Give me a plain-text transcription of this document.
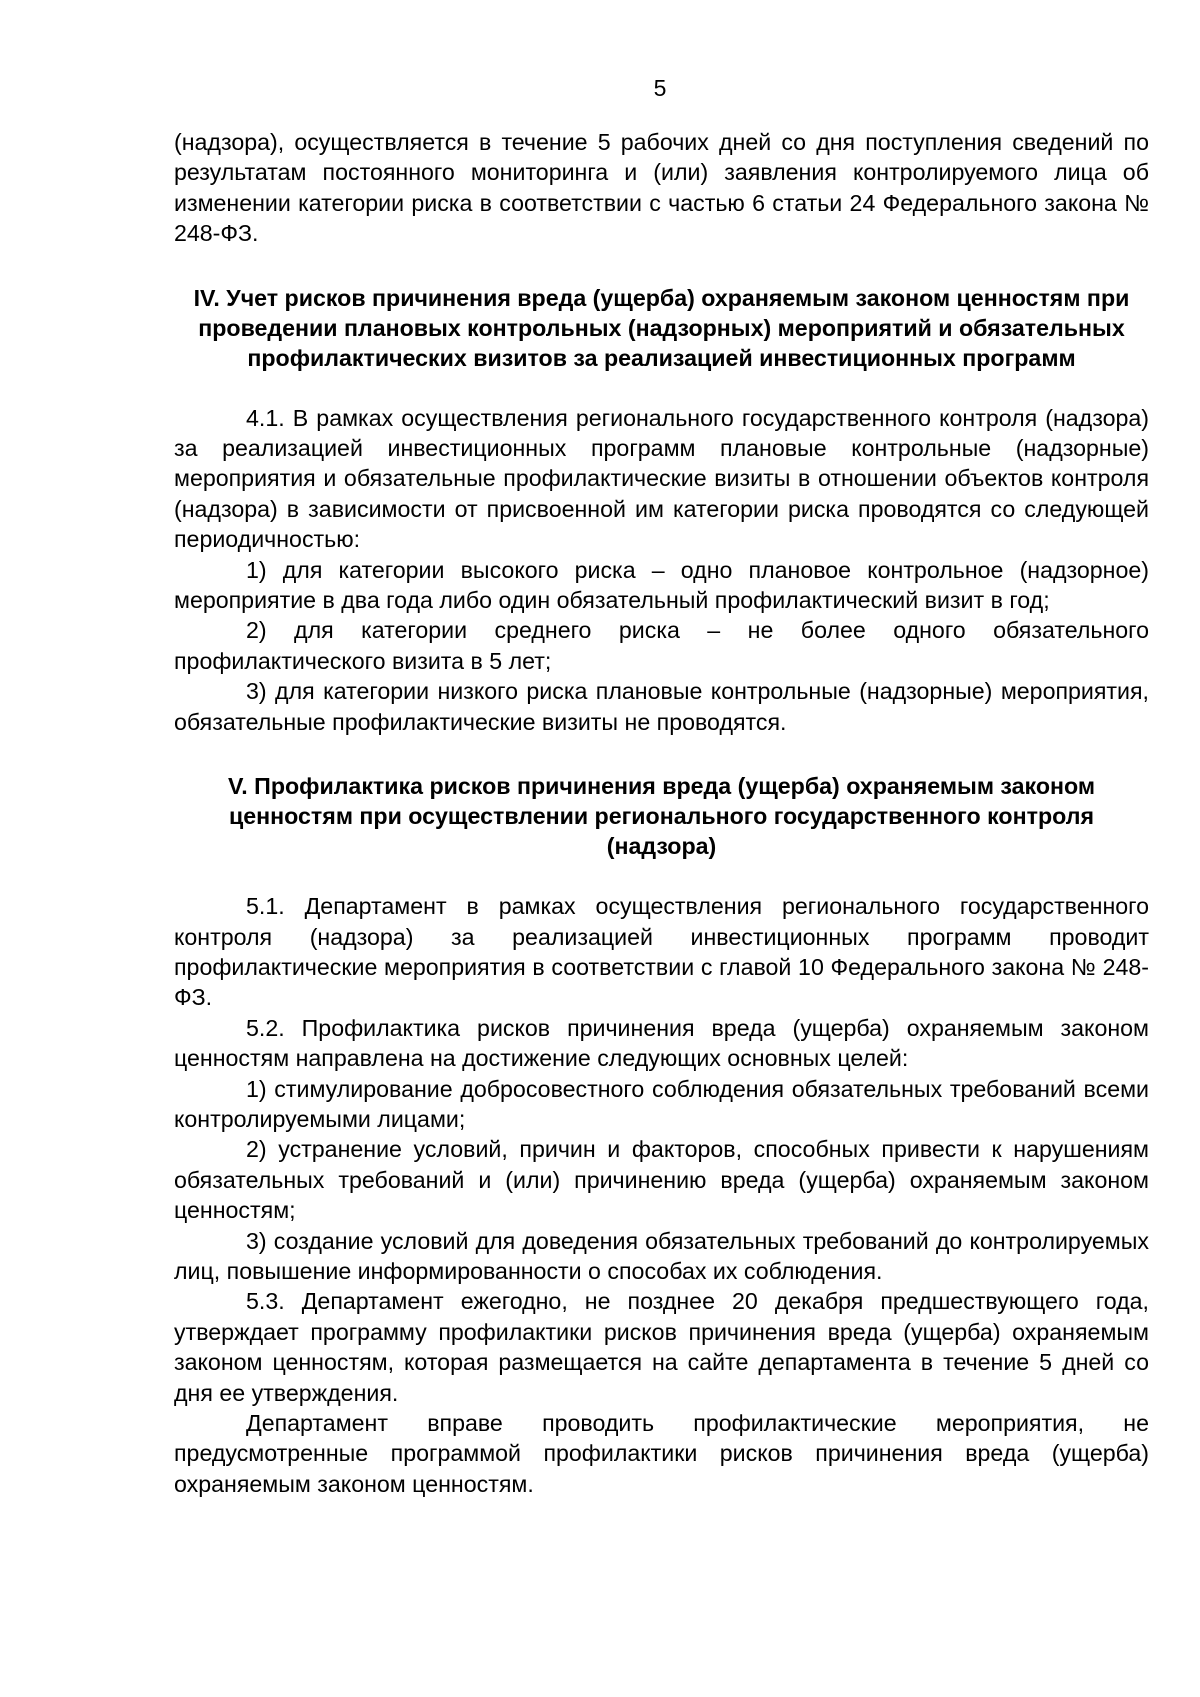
5

(надзора), осуществляется в течение 5 рабочих дней со дня поступления сведений по результатам постоянного мониторинга и (или) заявления контролируемого лица об изменении категории риска в соответствии с частью 6 статьи 24 Федерального закона № 248-ФЗ.

IV. Учет рисков причинения вреда (ущерба) охраняемым законом ценностям при проведении плановых контрольных (надзорных) мероприятий и обязательных профилактических визитов за реализацией инвестиционных программ

4.1. В рамках осуществления регионального государственного контроля (надзора) за реализацией инвестиционных программ плановые контрольные (надзорные) мероприятия и обязательные профилактические визиты в отношении объектов контроля (надзора) в зависимости от присвоенной им категории риска проводятся со следующей периодичностью:

1) для категории высокого риска – одно плановое контрольное (надзорное) мероприятие в два года либо один обязательный профилактический визит в год;

2) для категории среднего риска – не более одного обязательного профилактического визита в 5 лет;

3) для категории низкого риска плановые контрольные (надзорные) мероприятия, обязательные профилактические визиты не проводятся.

V. Профилактика рисков причинения вреда (ущерба) охраняемым законом ценностям при осуществлении регионального государственного контроля (надзора)

5.1. Департамент в рамках осуществления регионального государственного контроля (надзора) за реализацией инвестиционных программ проводит профилактические мероприятия в соответствии с главой 10 Федерального закона № 248-ФЗ.

5.2. Профилактика рисков причинения вреда (ущерба) охраняемым законом ценностям направлена на достижение следующих основных целей:

1) стимулирование добросовестного соблюдения обязательных требований всеми контролируемыми лицами;

2) устранение условий, причин и факторов, способных привести к нарушениям обязательных требований и (или) причинению вреда (ущерба) охраняемым законом ценностям;

3) создание условий для доведения обязательных требований до контролируемых лиц, повышение информированности о способах их соблюдения.

5.3. Департамент ежегодно, не позднее 20 декабря предшествующего года, утверждает программу профилактики рисков причинения вреда (ущерба) охраняемым законом ценностям, которая размещается на сайте департамента в течение 5 дней со дня ее утверждения.

Департамент вправе проводить профилактические мероприятия, не предусмотренные программой профилактики рисков причинения вреда (ущерба) охраняемым законом ценностям.
